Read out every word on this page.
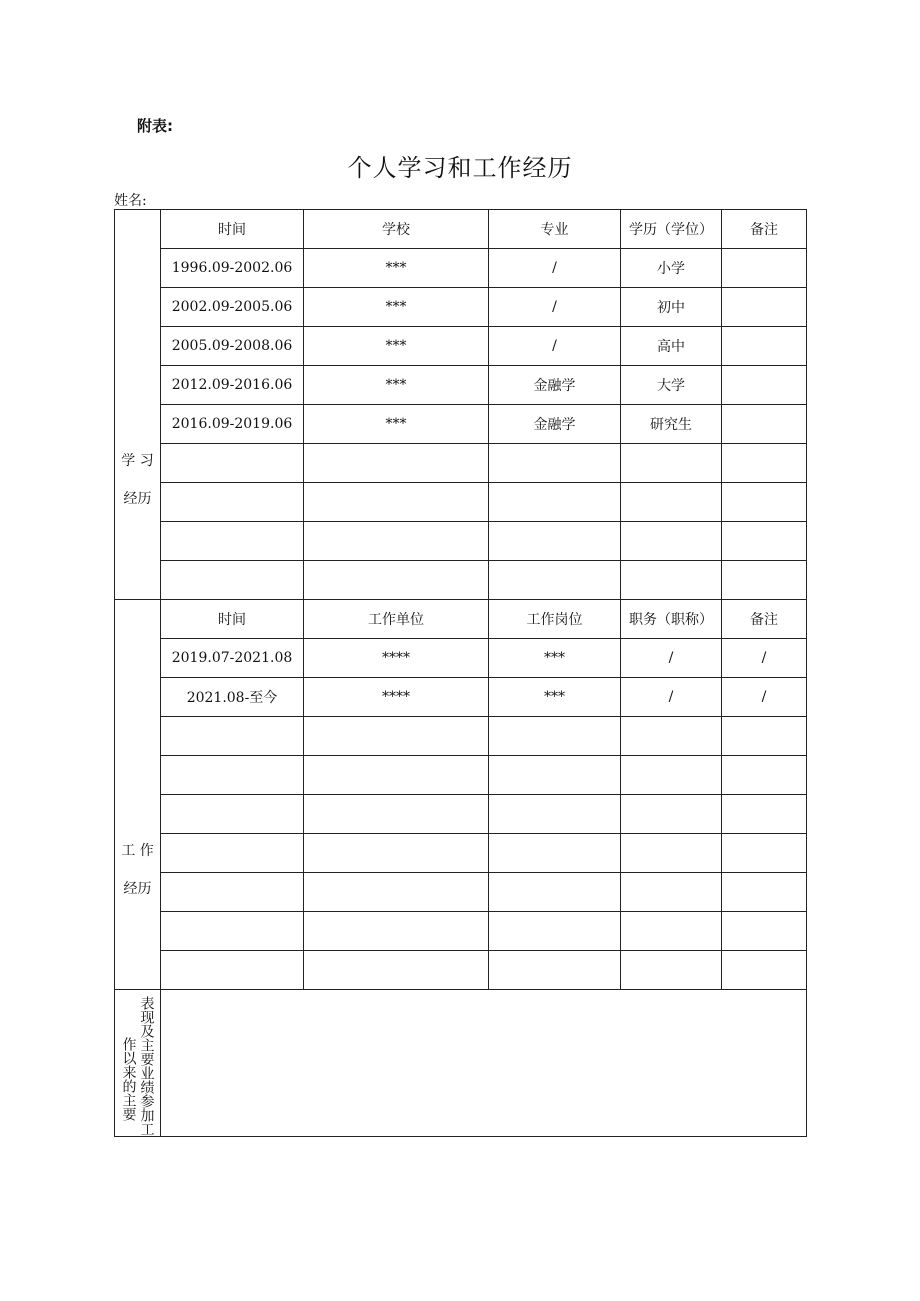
附表:
个人学习和工作经历
姓名:
学 习
经历	时间	学校	专业	学历（学位）	备注
	1996.09-2002.06	***	/	小学	
	2002.09-2005.06	***	/	初中	
	2005.09-2008.06	***	/	高中	
	2012.09-2016.06	***	金融学	大学	
	2016.09-2019.06	***	金融学	研究生	

工 作
经历	时间	工作单位	工作岗位	职务（职称）	备注
	2019.07-2021.08	****	***	/	/
	2021.08-至今	****	***	/	/

表现及主要业绩参加工
作以来的主要					
